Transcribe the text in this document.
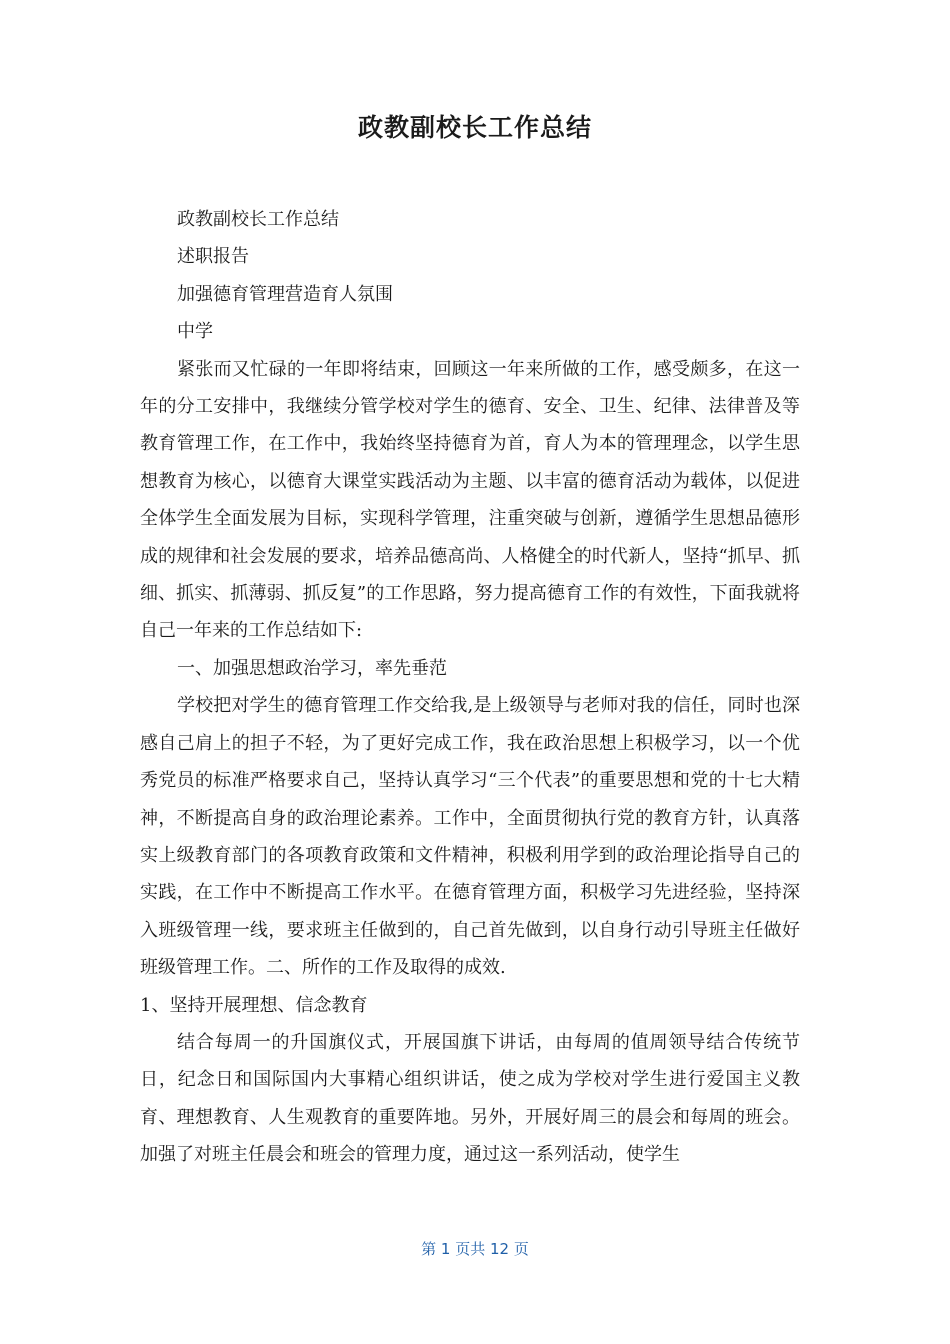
政教副校长工作总结

政教副校长工作总结

述职报告

加强德育管理营造育人氛围

中学

紧张而又忙碌的一年即将结束，回顾这一年来所做的工作，感受颇多，在这一年的分工安排中，我继续分管学校对学生的德育、安全、卫生、纪律、法律普及等教育管理工作，在工作中，我始终坚持德育为首，育人为本的管理理念，以学生思想教育为核心，以德育大课堂实践活动为主题、以丰富的德育活动为载体，以促进全体学生全面发展为目标，实现科学管理，注重突破与创新，遵循学生思想品德形成的规律和社会发展的要求，培养品德高尚、人格健全的时代新人，坚持“抓早、抓细、抓实、抓薄弱、抓反复”的工作思路，努力提高德育工作的有效性，下面我就将自己一年来的工作总结如下:

一、加强思想政治学习，率先垂范

学校把对学生的德育管理工作交给我,是上级领导与老师对我的信任，同时也深感自己肩上的担子不轻，为了更好完成工作，我在政治思想上积极学习，以一个优秀党员的标准严格要求自己，坚持认真学习“三个代表”的重要思想和党的十七大精神，不断提高自身的政治理论素养。工作中，全面贯彻执行党的教育方针，认真落实上级教育部门的各项教育政策和文件精神，积极利用学到的政治理论指导自己的实践，在工作中不断提高工作水平。在德育管理方面，积极学习先进经验，坚持深入班级管理一线，要求班主任做到的，自己首先做到，以自身行动引导班主任做好班级管理工作。二、所作的工作及取得的成效.

1、坚持开展理想、信念教育

结合每周一的升国旗仪式，开展国旗下讲话，由每周的值周领导结合传统节日，纪念日和国际国内大事精心组织讲话，使之成为学校对学生进行爱国主义教育、理想教育、人生观教育的重要阵地。另外，开展好周三的晨会和每周的班会。加强了对班主任晨会和班会的管理力度，通过这一系列活动，使学生

第 1 页共 12 页
